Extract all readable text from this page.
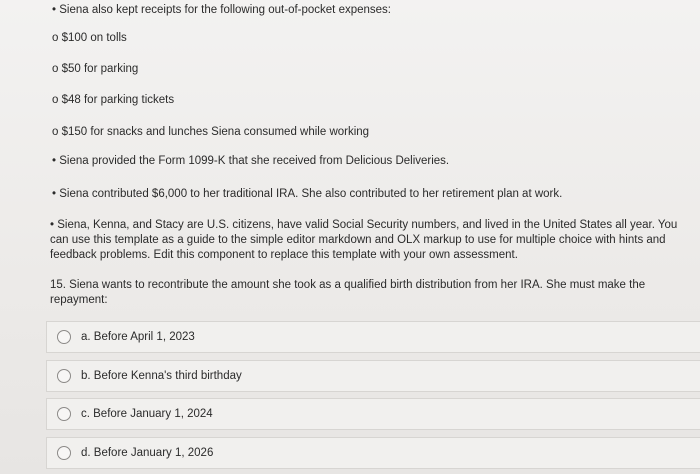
• Siena also kept receipts for the following out-of-pocket expenses:
o $100 on tolls
o $50 for parking
o $48 for parking tickets
o $150 for snacks and lunches Siena consumed while working
• Siena provided the Form 1099-K that she received from Delicious Deliveries.
• Siena contributed $6,000 to her traditional IRA. She also contributed to her retirement plan at work.
• Siena, Kenna, and Stacy are U.S. citizens, have valid Social Security numbers, and lived in the United States all year. You can use this template as a guide to the simple editor markdown and OLX markup to use for multiple choice with hints and feedback problems. Edit this component to replace this template with your own assessment.
15. Siena wants to recontribute the amount she took as a qualified birth distribution from her IRA. She must make the repayment:
a. Before April 1, 2023
b. Before Kenna's third birthday
c. Before January 1, 2024
d. Before January 1, 2026
